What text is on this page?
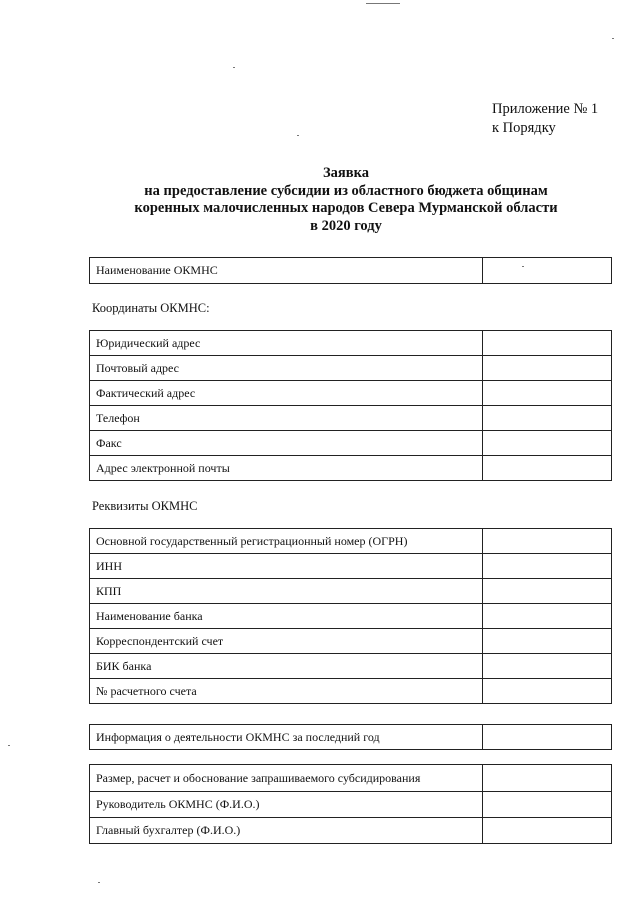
Приложение № 1
к Порядку
Заявка
на предоставление субсидии из областного бюджета общинам
коренных малочисленных народов Севера Мурманской области
в 2020 году
Наименование ОКМНС	
Координаты ОКМНС:
Юридический адрес	
Почтовый адрес	
Фактический адрес	
Телефон	
Факс	
Адрес электронной почты	
Реквизиты ОКМНС
Основной государственный регистрационный номер (ОГРН)	
ИНН	
КПП	
Наименование банка	
Корреспондентский счет	
БИК банка	
№ расчетного счета	
Информация о деятельности ОКМНС за последний год	
Размер, расчет и обоснование запрашиваемого субсидирования	
Руководитель ОКМНС (Ф.И.О.)	
Главный бухгалтер (Ф.И.О.)	
